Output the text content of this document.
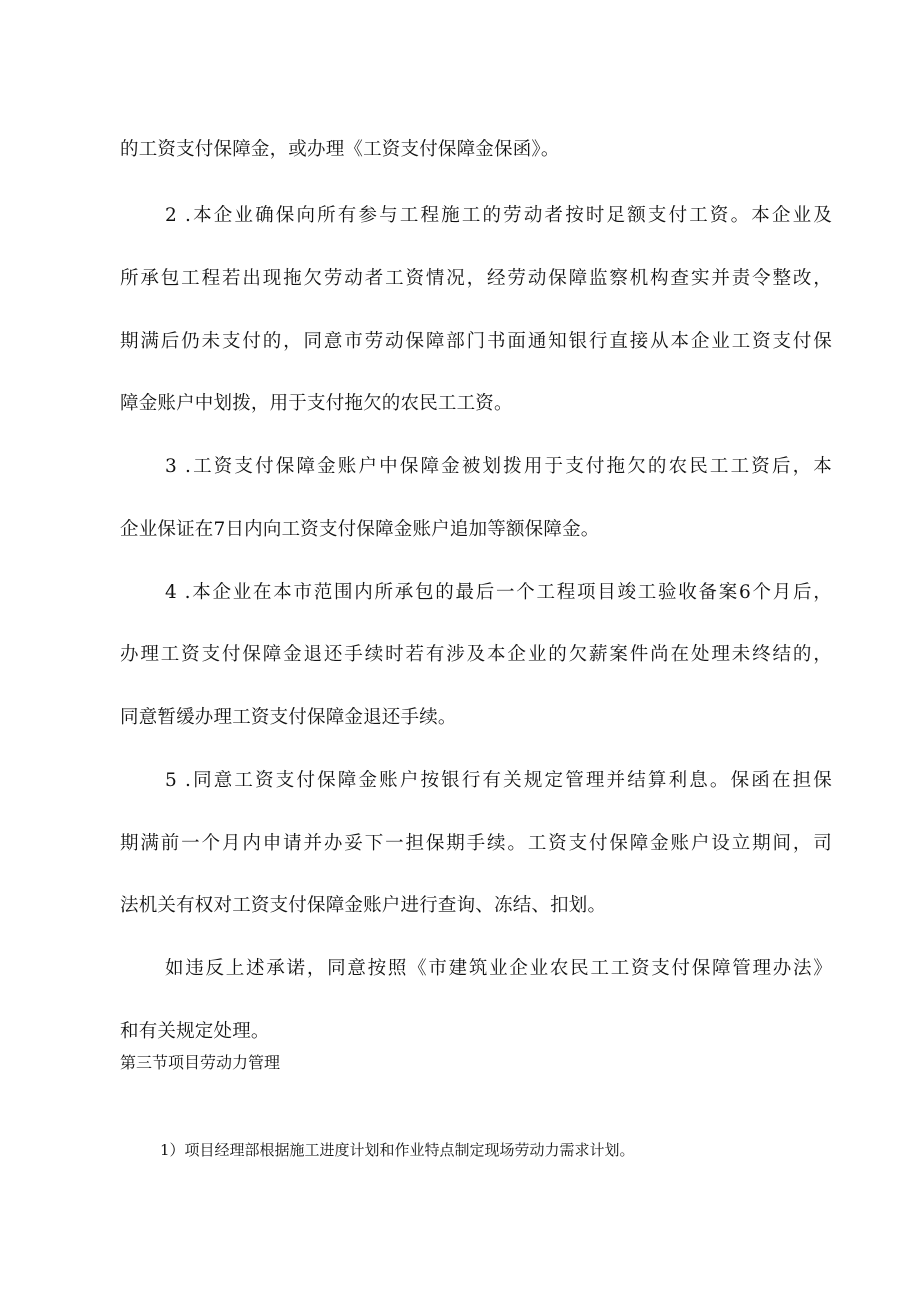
的工资支付保障金，或办理《工资支付保障金保函》。
2 .本企业确保向所有参与工程施工的劳动者按时足额支付工资。本企业及
所承包工程若出现拖欠劳动者工资情况，经劳动保障监察机构查实并责令整改，
期满后仍未支付的，同意市劳动保障部门书面通知银行直接从本企业工资支付保
障金账户中划拨，用于支付拖欠的农民工工资。
3 .工资支付保障金账户中保障金被划拨用于支付拖欠的农民工工资后，本
企业保证在7日内向工资支付保障金账户追加等额保障金。
4 .本企业在本市范围内所承包的最后一个工程项目竣工验收备案6个月后，
办理工资支付保障金退还手续时若有涉及本企业的欠薪案件尚在处理未终结的，
同意暂缓办理工资支付保障金退还手续。
5 .同意工资支付保障金账户按银行有关规定管理并结算利息。保函在担保
期满前一个月内申请并办妥下一担保期手续。工资支付保障金账户设立期间，司
法机关有权对工资支付保障金账户进行查询、冻结、扣划。
如违反上述承诺，同意按照《市建筑业企业农民工工资支付保障管理办法》
和有关规定处理。
第三节项目劳动力管理
1）项目经理部根据施工进度计划和作业特点制定现场劳动力需求计划。
